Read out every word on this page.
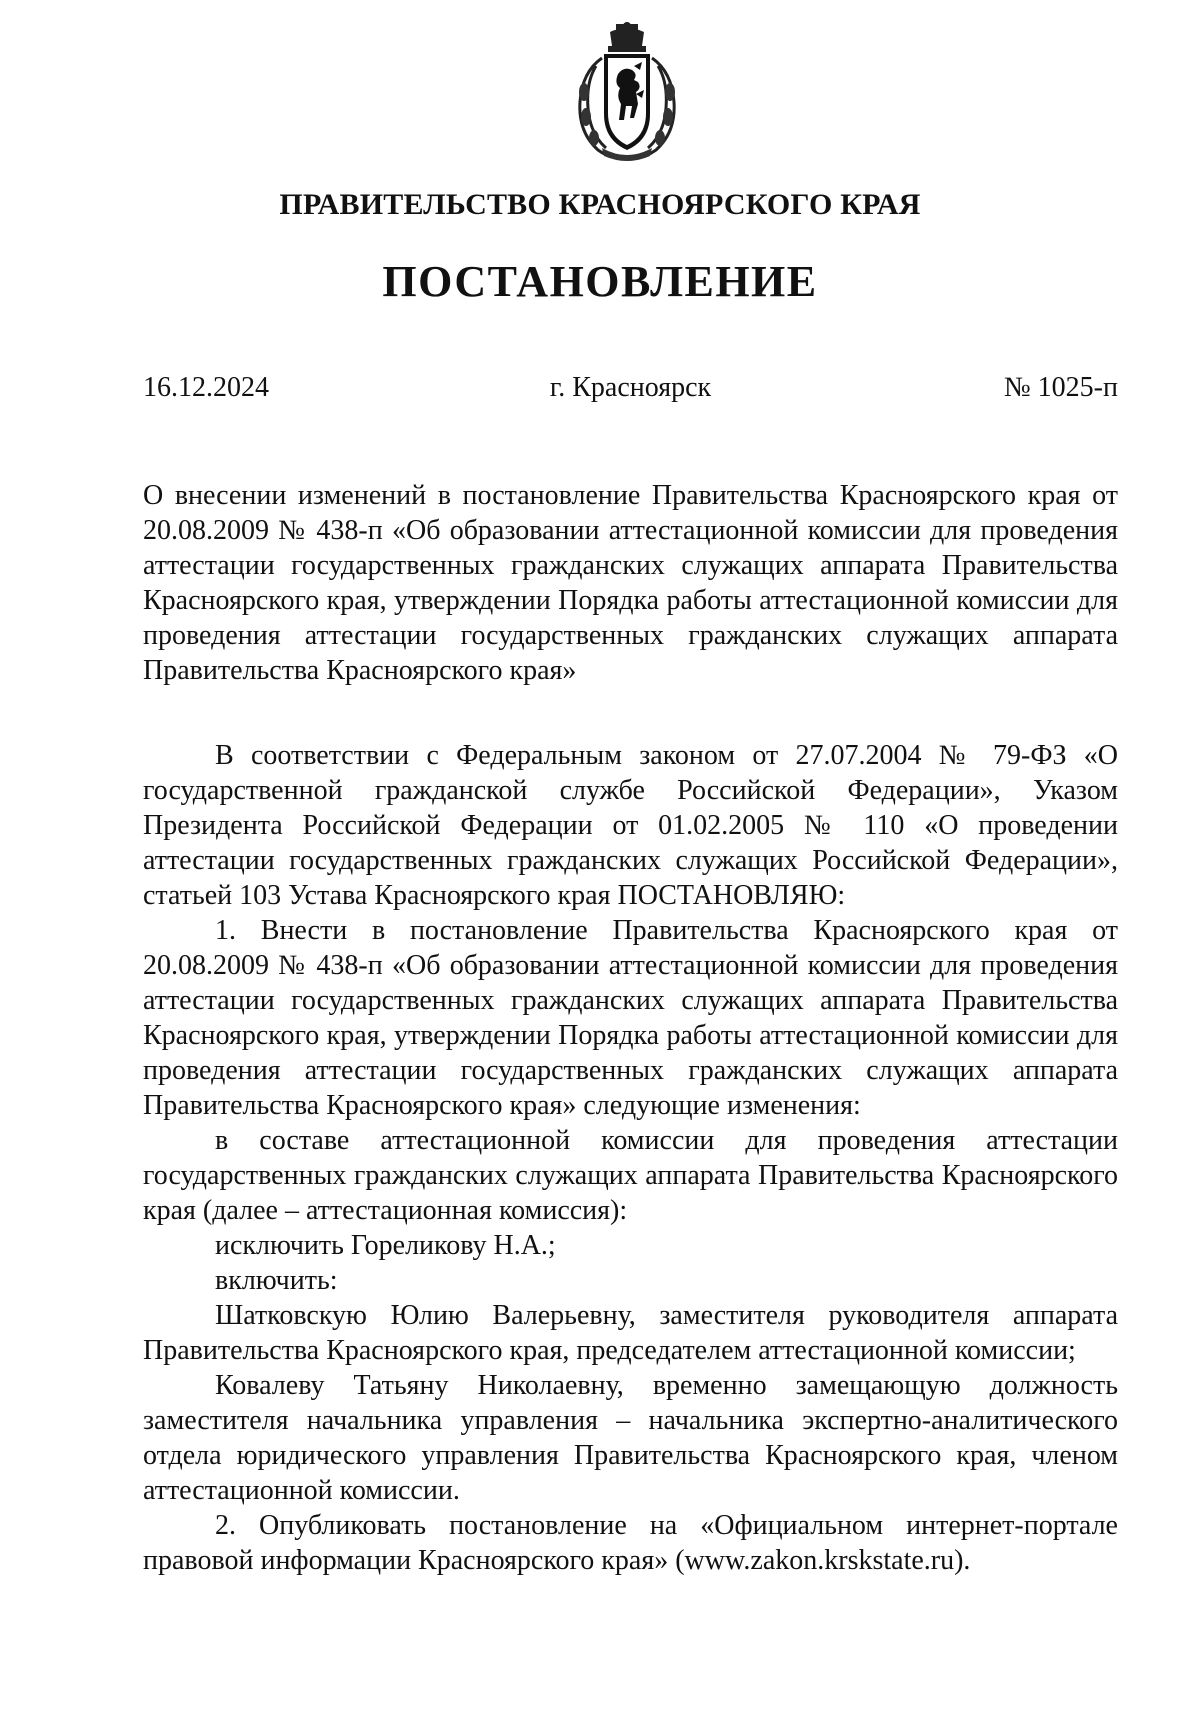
ПРАВИТЕЛЬСТВО КРАСНОЯРСКОГО КРАЯ
ПОСТАНОВЛЕНИЕ
16.12.2024	г. Красноярск	№ 1025-п
О внесении изменений в постановление Правительства Красноярского края от 20.08.2009 № 438-п «Об образовании аттестационной комиссии для проведения аттестации государственных гражданских служащих аппарата Правительства Красноярского края, утверждении Порядка работы аттестационной комиссии для проведения аттестации государственных гражданских служащих аппарата Правительства Красноярского края»

В соответствии с Федеральным законом от 27.07.2004 № 79-ФЗ «О государственной гражданской службе Российской Федерации», Указом Президента Российской Федерации от 01.02.2005 № 110 «О проведении аттестации государственных гражданских служащих Российской Федерации», статьей 103 Устава Красноярского края ПОСТАНОВЛЯЮ:

1. Внести в постановление Правительства Красноярского края от 20.08.2009 № 438-п «Об образовании аттестационной комиссии для проведения аттестации государственных гражданских служащих аппарата Правительства Красноярского края, утверждении Порядка работы аттестационной комиссии для проведения аттестации государственных гражданских служащих аппарата Правительства Красноярского края» следующие изменения:

в составе аттестационной комиссии для проведения аттестации государственных гражданских служащих аппарата Правительства Красноярского края (далее – аттестационная комиссия):

исключить Гореликову Н.А.;

включить:

Шатковскую Юлию Валерьевну, заместителя руководителя аппарата Правительства Красноярского края, председателем аттестационной комиссии;

Ковалеву Татьяну Николаевну, временно замещающую должность заместителя начальника управления – начальника экспертно-аналитического отдела юридического управления Правительства Красноярского края, членом аттестационной комиссии.

2. Опубликовать постановление на «Официальном интернет-портале правовой информации Красноярского края» (www.zakon.krskstate.ru).
